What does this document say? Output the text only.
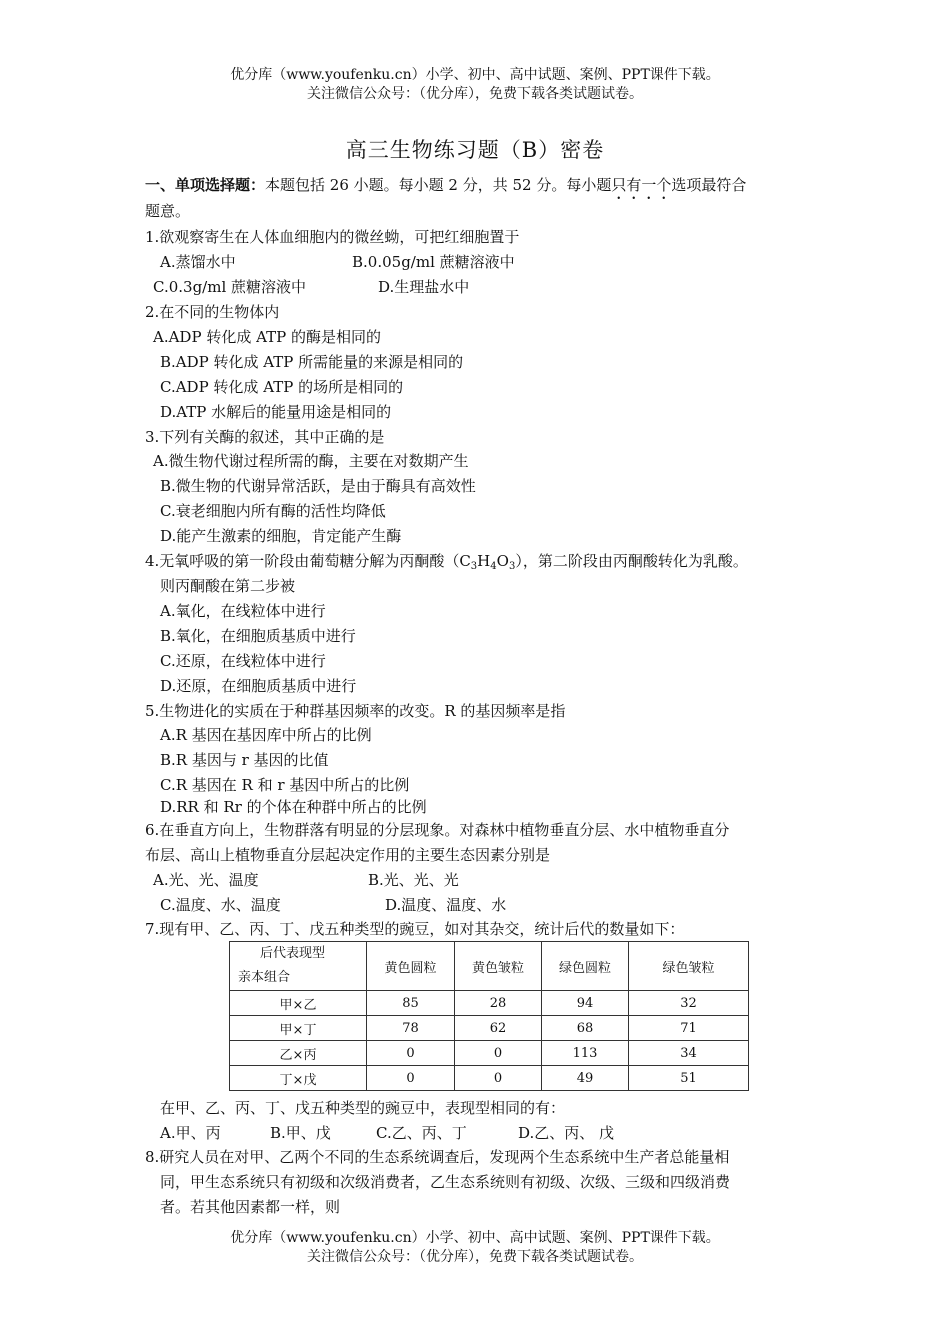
优分库（www.youfenku.cn）小学、初中、高中试题、案例、PPT课件下载。
关注微信公众号：（优分库），免费下载各类试题试卷。
高三生物练习题（B）密卷
一、单项选择题：本题包括 26 小题。每小题 2 分，共 52 分。每小题只有一个选项最符合
题意。
1.欲观察寄生在人体血细胞内的微丝蚴，可把红细胞置于
A.蒸馏水中	B.0.05g/ml 蔗糖溶液中
C.0.3g/ml 蔗糖溶液中	D.生理盐水中
2.在不同的生物体内
A.ADP 转化成 ATP 的酶是相同的
B.ADP 转化成 ATP 所需能量的来源是相同的
C.ADP 转化成 ATP 的场所是相同的
D.ATP 水解后的能量用途是相同的
3.下列有关酶的叙述，其中正确的是
A.微生物代谢过程所需的酶，主要在对数期产生
B.微生物的代谢异常活跃，是由于酶具有高效性
C.衰老细胞内所有酶的活性均降低
D.能产生激素的细胞，肯定能产生酶
4.无氧呼吸的第一阶段由葡萄糖分解为丙酮酸$(C_3H_4O_3)$，第二阶段由丙酮酸转化为乳酸。
则丙酮酸在第二步被
A.氧化，在线粒体中进行
B.氧化，在细胞质基质中进行
C.还原，在线粒体中进行
D.还原，在细胞质基质中进行
5.生物进化的实质在于种群基因频率的改变。R 的基因频率是指
A.R 基因在基因库中所占的比例
B.R 基因与 r 基因的比值
C.R 基因在 R 和 r 基因中所占的比例
D.RR 和 Rr 的个体在种群中所占的比例
6.在垂直方向上，生物群落有明显的分层现象。对森林中植物垂直分层、水中植物垂直分
布层、高山上植物垂直分层起决定作用的主要生态因素分别是
A.光、光、温度	B.光、光、光
C.温度、水、温度	D.温度、温度、水
7.现有甲、乙、丙、丁、戊五种类型的豌豆，如对其杂交，统计后代的数量如下：
后代表现型
亲本组合	黄色圆粒	黄色皱粒	绿色圆粒	绿色皱粒
甲×乙	85	28	94	32
甲×丁	78	62	68	71
乙×丙	0	0	113	34
丁×戊	0	0	49	51
在甲、乙、丙、丁、戊五种类型的豌豆中，表现型相同的有：
A.甲、丙	B.甲、戊	C.乙、丙、丁	D.乙、丙、 戊
8.研究人员在对甲、乙两个不同的生态系统调查后，发现两个生态系统中生产者总能量相
同，甲生态系统只有初级和次级消费者，乙生态系统则有初级、次级、三级和四级消费
者。若其他因素都一样，则
优分库（www.youfenku.cn）小学、初中、高中试题、案例、PPT课件下载。
关注微信公众号：（优分库），免费下载各类试题试卷。
